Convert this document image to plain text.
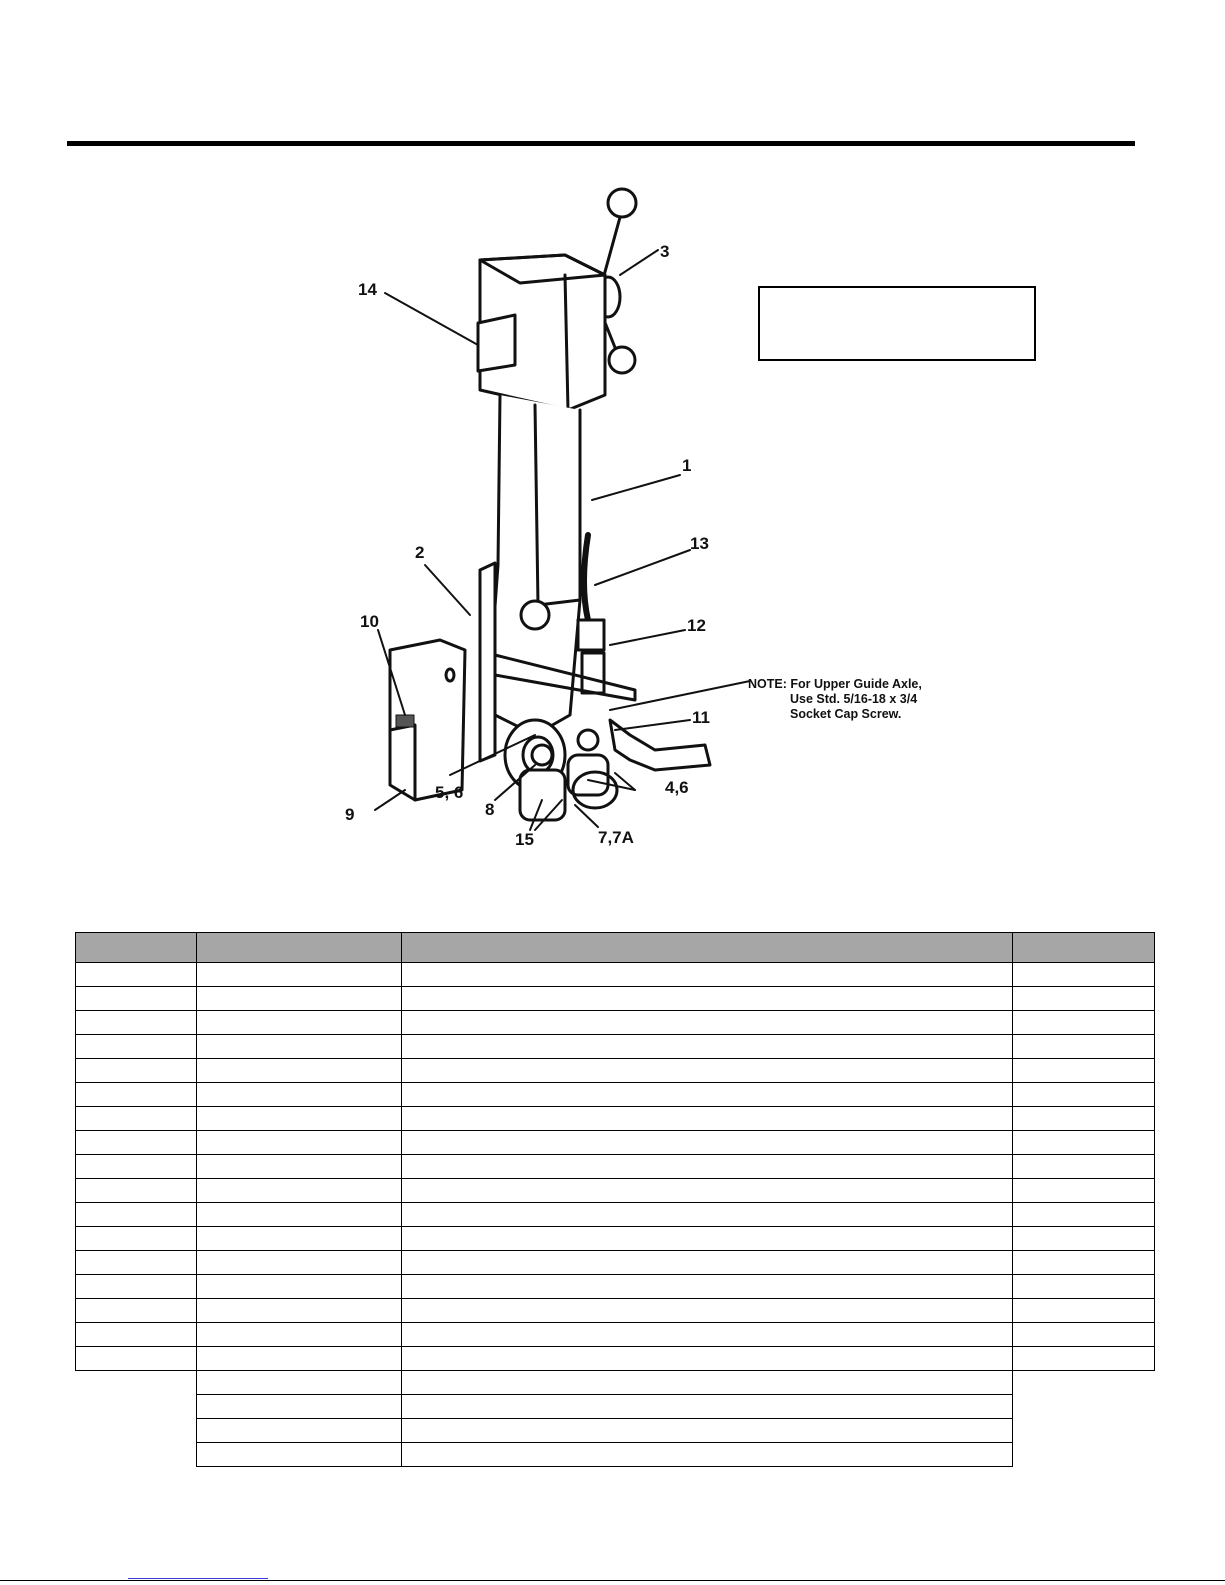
3
14
1
13
12
2
10
11
4,6
5, 6
8
9
15	7,7A
NOTE: For Upper Guide Axle,
Use Std. 5/16-18 x 3/4
Socket Cap Screw.
